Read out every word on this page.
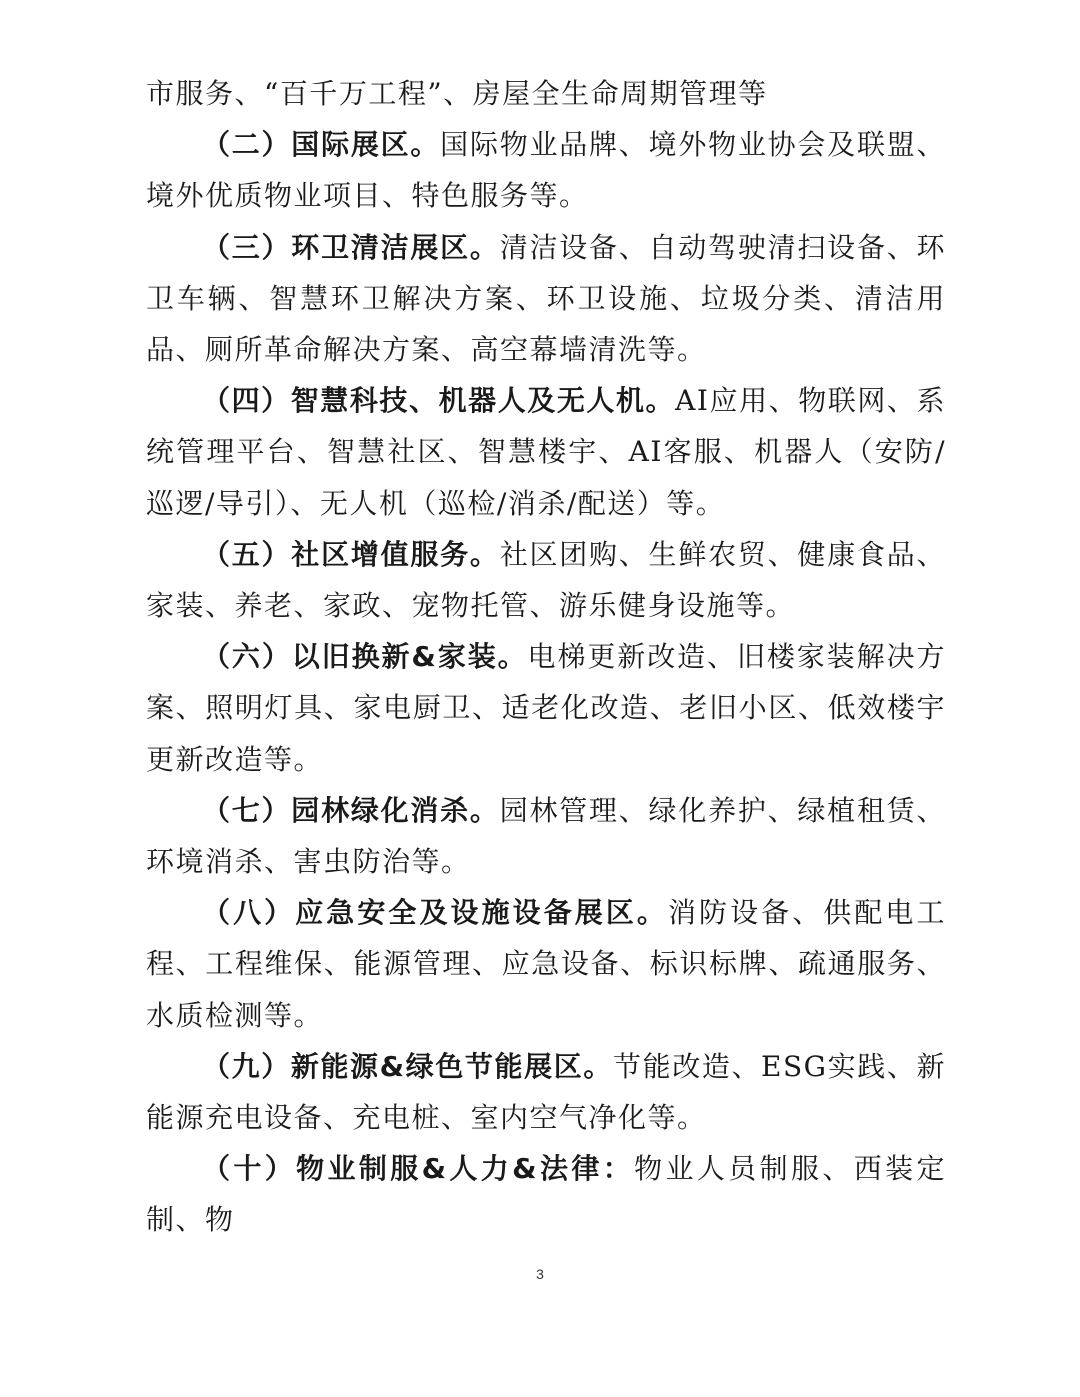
市服务、“百千万工程”、房屋全生命周期管理等

（二）国际展区。国际物业品牌、境外物业协会及联盟、境外优质物业项目、特色服务等。

（三）环卫清洁展区。清洁设备、自动驾驶清扫设备、环卫车辆、智慧环卫解决方案、环卫设施、垃圾分类、清洁用品、厕所革命解决方案、高空幕墙清洗等。

（四）智慧科技、机器人及无人机。AI应用、物联网、系统管理平台、智慧社区、智慧楼宇、AI客服、机器人（安防/巡逻/导引）、无人机（巡检/消杀/配送）等。

（五）社区增值服务。社区团购、生鲜农贸、健康食品、家装、养老、家政、宠物托管、游乐健身设施等。

（六）以旧换新&家装。电梯更新改造、旧楼家装解决方案、照明灯具、家电厨卫、适老化改造、老旧小区、低效楼宇更新改造等。

（七）园林绿化消杀。园林管理、绿化养护、绿植租赁、环境消杀、害虫防治等。

（八）应急安全及设施设备展区。消防设备、供配电工程、工程维保、能源管理、应急设备、标识标牌、疏通服务、水质检测等。

（九）新能源&绿色节能展区。节能改造、ESG实践、新能源充电设备、充电桩、室内空气净化等。

（十）物业制服&人力&法律：物业人员制服、西装定制、物

3
